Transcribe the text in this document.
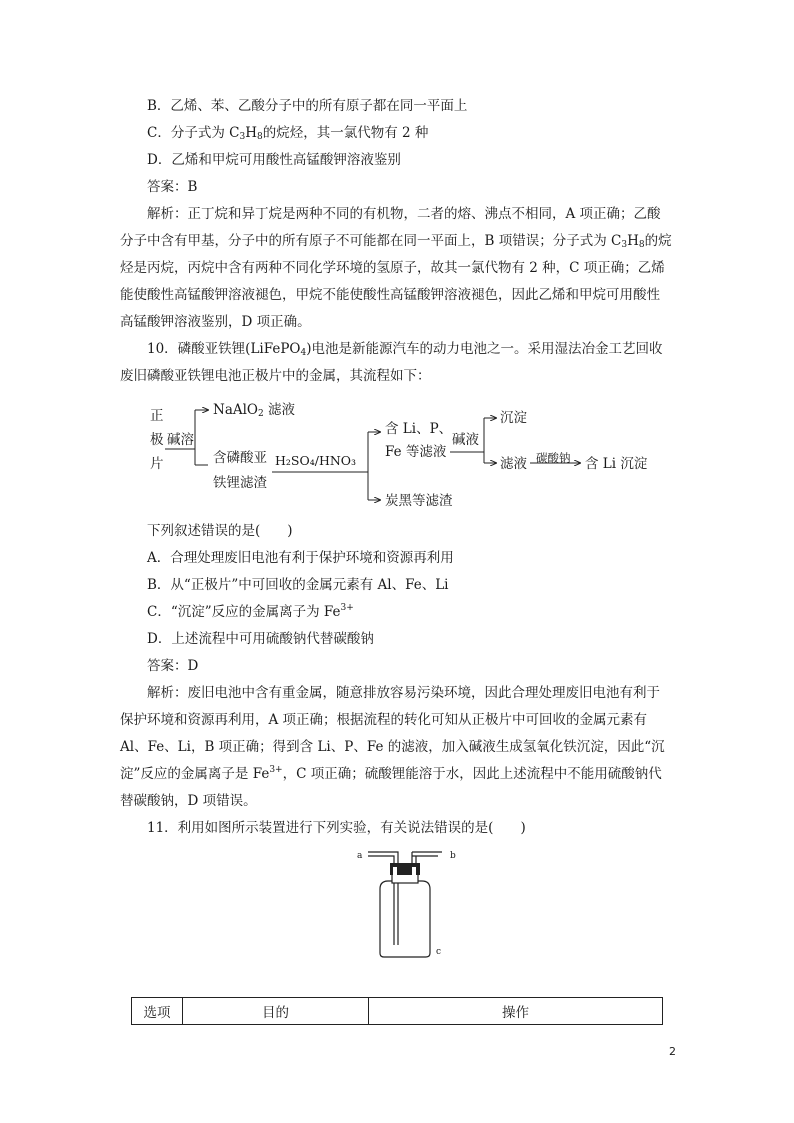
B．乙烯、苯、乙酸分子中的所有原子都在同一平面上
C．分子式为 $C_3H_8$的烷烃，其一氯代物有 2 种
D．乙烯和甲烷可用酸性高锰酸钾溶液鉴别
答案：B
解析：正丁烷和异丁烷是两种不同的有机物，二者的熔、沸点不相同，A 项正确；乙酸
分子中含有甲基，分子中的所有原子不可能都在同一平面上，B 项错误；分子式为 $C_3H_8$的烷
烃是丙烷，丙烷中含有两种不同化学环境的氢原子，故其一氯代物有 2 种，C 项正确；乙烯
能使酸性高锰酸钾溶液褪色，甲烷不能使酸性高锰酸钾溶液褪色，因此乙烯和甲烷可用酸性
高锰酸钾溶液鉴别，D 项正确。
10．磷酸亚铁锂(LiFePO$_4$)电池是新能源汽车的动力电池之一。采用湿法冶金工艺回收
废旧磷酸亚铁锂电池正极片中的金属，其流程如下：
正
极
片
碱溶
NaAlO$_2$ 滤液
含磷酸亚
铁锂滤渣
H₂SO₄/HNO₃
含 Li、P、
Fe 等滤液
炭黑等滤渣
碱液
沉淀
滤液 碳酸钠 含 Li 沉淀
下列叙述错误的是(　　)
A．合理处理废旧电池有利于保护环境和资源再利用
B．从“正极片”中可回收的金属元素有 Al、Fe、Li
C．“沉淀”反应的金属离子为 $Fe^{3+}$
D．上述流程中可用硫酸钠代替碳酸钠
答案：D
解析：废旧电池中含有重金属，随意排放容易污染环境，因此合理处理废旧电池有利于
保护环境和资源再利用，A 项正确；根据流程的转化可知从正极片中可回收的金属元素有
Al、Fe、Li，B 项正确；得到含 Li、P、Fe 的滤液，加入碱液生成氢氧化铁沉淀，因此“沉
淀”反应的金属离子是 $Fe^{3+}$，C 项正确；硫酸锂能溶于水，因此上述流程中不能用硫酸钠代
替碳酸钠，D 项错误。
11．利用如图所示装置进行下列实验，有关说法错误的是(　　)
a	b
c
选项	目的	操作
2
